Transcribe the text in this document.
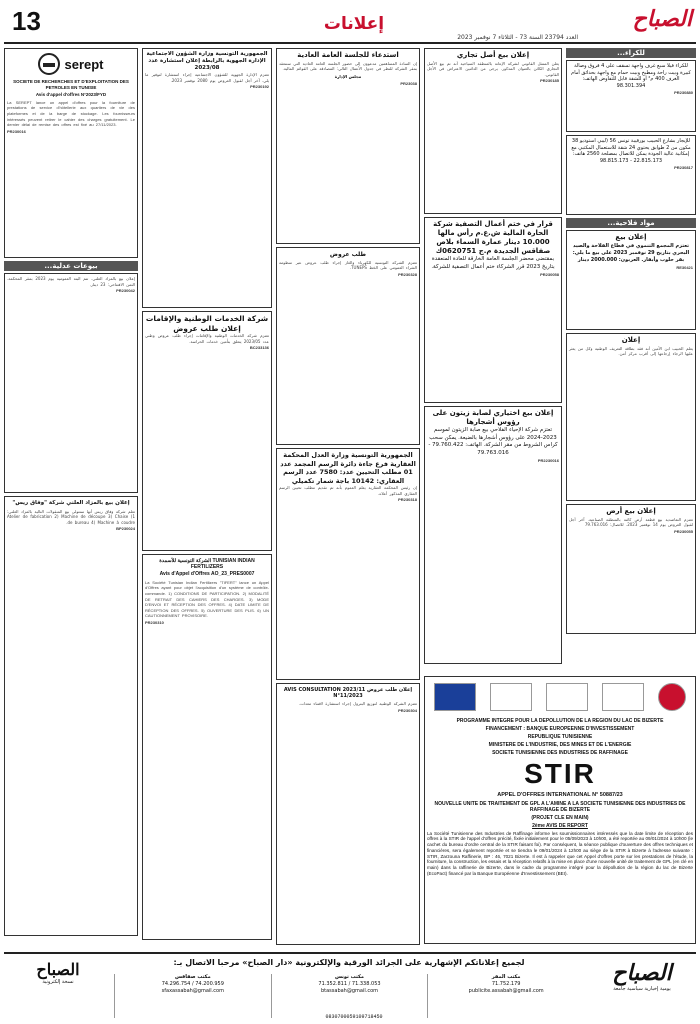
13	إعلانات	الصباح
العدد 23794 السنة 73 - الثلاثاء 7 نوفمبر 2023
للكراء...
للكراء فيلا سبع غرف واجهة تسقف على 4 فروق وصالة كبيرة وبيت راحة ومطبخ وبيت حمام مع واجهة بحدائق أمام الغرف 400 م² أو للشقة قابل للتفاوض الهاتف: 98.301.394
PR230880
للإيجار بشارع الحبيب بورقيبة تونس 56 (ليبي استوديو 38 مكون من 2 طوابق يحتوي 24 شقة للاستعمال المكتبي مع إمكانية عالية الجودة يمكن للاتصال بمصلحة 2560 هاتف: 22.815.173 - 98.815.173
PR230817
مواد فلاحية...
إعلان بيع
تعتزم المجمع التنموي في قطاع الفلاحة والصيد البحري بتاريخ 29 نوفمبر 2023 على بيع ما يلي: بقر حلوب وأبقار. العربون: 2000.000 دينار
RE30421
إعلان
يعلم الحبيب ابن الأمين أنه فقد بطاقة التعريف الوطنية وكل من يعثر عليها الرجاء إرجاعها إلى أقرب مركز أمن.
إعلان بيع أرض
تعتزم التعاضدية بيع قطعة أرض كائنة بالمنطقة الصناعية. آخر أجل لقبول العروض يوم 14 نوفمبر 2023. للاتصال: 79.763.016
PR230055
إعلان بيع أصل تجاري
يعلن الممثل القانوني لشركة الإعانة بالمنطقة السياحية أنه تم بيع الأصل التجاري الكائن بالعنوان المذكور. يرجى من الدائنين الاعتراض في الأجل القانوني.
PR230185
قرار في ختم أعمال التصفية شركة الحارة المالية ش.ع.م رأس مالها 10.000 دينار عمارة السماء بلاص صفاقس الجديدة م.ج 0620751ك
بمقتضى محضر الجلسة العامة الخارقة للعادة المنعقدة بتاريخ 2023 قرر الشركاء ختم أعمال التصفية للشركة.
PR230058
إعلان بيع اختياري لصابة زيتون على رؤوس أشجارها
تعتزم شركة الإحياء الفلاحي بيع صابة الزيتون لموسم 2023-2024 على رؤوس أشجارها بالضيعة. يمكن سحب كراس الشروط من مقر الشركة. الهاتف: 79.760.422 - 79.763.016
PR2230016
استدعاء للجلسة العامة العادية
إن السادة المساهمين مدعوون إلى حضور الجلسة العامة العادية التي ستنعقد بمقر الشركة للنظر في جدول الأعمال التالي: المصادقة على القوائم المالية.
مجلس الإدارة
PR23038
طلب عروض
تعتزم الشركة التونسية للكهرباء والغاز إجراء طلب عروض عبر منظومة الشراء العمومي على الخط TUNEPS.
PR230328
الجمهورية التونسية وزارة العدل المحكمة العقارية فرع جاءة دائرة الرسم المجمد عدد 01 مطلب التحيين عدد: 7580 عدد الرسم العقاري: 10142 باجة شمار تكميلي
إن رئيس المحكمة العقارية يعلم العموم بأنه تم تقديم مطلب تحيين الرسم العقاري المذكور أعلاه.
PR230318
إعلان طلب عروض 2023/11 AVIS CONSULTATION N°11/2023
تعتزم الشركة الوطنية لتوزيع البترول إجراء استشارة لاقتناء معدات.
PR230304
الجمهورية التونسية وزارة الشؤون الاجتماعية الإدارة الجهوية بالرابطة إعلان استشارة عدد 2023/08
تعتزم الإدارة الجهوية للشؤون الاجتماعية إجراء استشارة لتوفير ما يلي. آخر أجل لقبول العروض يوم 2080 نوفمبر 2023.
PR230192
شركة الخدمات الوطنية والإقامات إعلان طلب عروض
تعتزم شركة الخدمات الوطنية والإقامات إجراء طلب عروض وطني عدد 2023/05 يتعلق بتأمين خدمات الحراسة.
BC233136
الشركة التونسية للأسمدة TUNISIAN INDIAN FERTILIZERS
Avis d'Appel d'Offres AO_23_PRES0007
La Société Tunisian Indian Fertilizers "TIFERT" lance un Appel d'Offres ayant pour objet l'acquisition d'un système de contrôle-commande. 1) CONDITIONS DE PARTICIPATION. 2) MODALITÉ DE RETRAIT DES CAHIERS DES CHARGES. 3) MODE D'ENVOI ET RÉCEPTION DES OFFRES. 4) DATE LIMITE DE RÉCEPTION DES OFFRES. 5) OUVERTURE DES PLIS. 6) UN CAUTIONNEMENT PROVISOIRE.
PR230310
serept
SOCIETE DE RECHERCHES ET D'EXPLOITATION DES PETROLES EN TUNISIE
Avis d'appel d'offres N°2023/FYD
La SEREPT lance un appel d'offres pour la fourniture de prestations de service d'hôtellerie aux quartiers de vie des plateformes et de la barge de stockage. Les fournisseurs intéressés peuvent retirer le cahier des charges gratuitement. Le dernier délai de remise des offres est fixé au 27/11/2023.
PR230016
بيوعات عدلية...
إعلان بيع بالمزاد العلني. تتم البتة العمومية يوم 2023 بمقر المحكمة. الثمن الافتتاحي: 23 دينار.
PR230042
إعلان بيع بالمزاد العلني شركة "وفاق ريس"
تعلم شركة وفاق ريس أنها ستتولى بيع المنقولات التالية بالمزاد العلني: 1) Atelier de fabrication 2) Machine de découpe 3) Chaise de bureau 4) Machine à coudre.
BP230024
PROGRAMME INTEGRE POUR LA DEPOLLUTION DE LA REGION DU LAC DE BIZERTE
FINANCEMENT : BANQUE EUROPEENNE D'INVESTISSEMENT
REPUBLIQUE TUNISIENNE
MINISTERE DE L'INDUSTRIE, DES MINES ET DE L'ENERGIE
SOCIETE TUNISIENNE DES INDUSTRIES DE RAFFINAGE
STIR
APPEL D'OFFRES INTERNATIONAL N° 50887/23
NOUVELLE UNITE DE TRAITEMENT DE GPL A L'AMINE A LA SOCIETE TUNISIENNE DES INDUSTRIES DE RAFFINAGE DE BIZERTE
(PROJET CLE EN MAIN)
2ème AVIS DE REPORT
La Société Tunisienne des Industries de Raffinage informe les soumissionnaires intéressés que la date limite de réception des offres à la STIR de l'appel d'offres précité, fixée initialement pour le 05/09/2023 à 10h00, a été reportée au 09/01/2024 à 10h00 (le cachet du bureau d'ordre central de la STIR faisant foi). Par conséquent, la séance publique d'ouverture des offres techniques et financières, sera également reportée et se tiendra le 09/01/2024 à 12h00 au siège de la STIR à Bizerte à l'adresse suivante : STIR, Zarzouna Raffinerie, BP : 46, 7021 Bizerte. Il est à rappeler que cet Appel d'offres porte sur les prestations de l'étude, la fourniture, la construction, les essais et la réception relatifs à la mise en place d'une nouvelle unité de traitement de GPL (en clé en main) dans la raffinerie de Bizerte, dans le cadre du programme intégré pour la dépollution de la région du lac de Bizerte (EcoPact) financé par la Banque Européenne d'Investissement (BEI).
الصباح
نسخة إلكترونية
لجميع إعلاناتكم الإشهارية على الجرائد الورقية والإلكترونية «دار الصباح» مرحبا الاتصال بـ:
مكتب المقر
71.752.179
publicite.assabah@gmail.com
مكتب تونس
71.338.053 / 71.352.811
btassabah@gmail.com
مكتب صفاقس
74.200.959 / 74.296.754
sfaxassabah@gmail.com
الصباح
يومية إخبارية سياسية جامعة
0830700059109718450
